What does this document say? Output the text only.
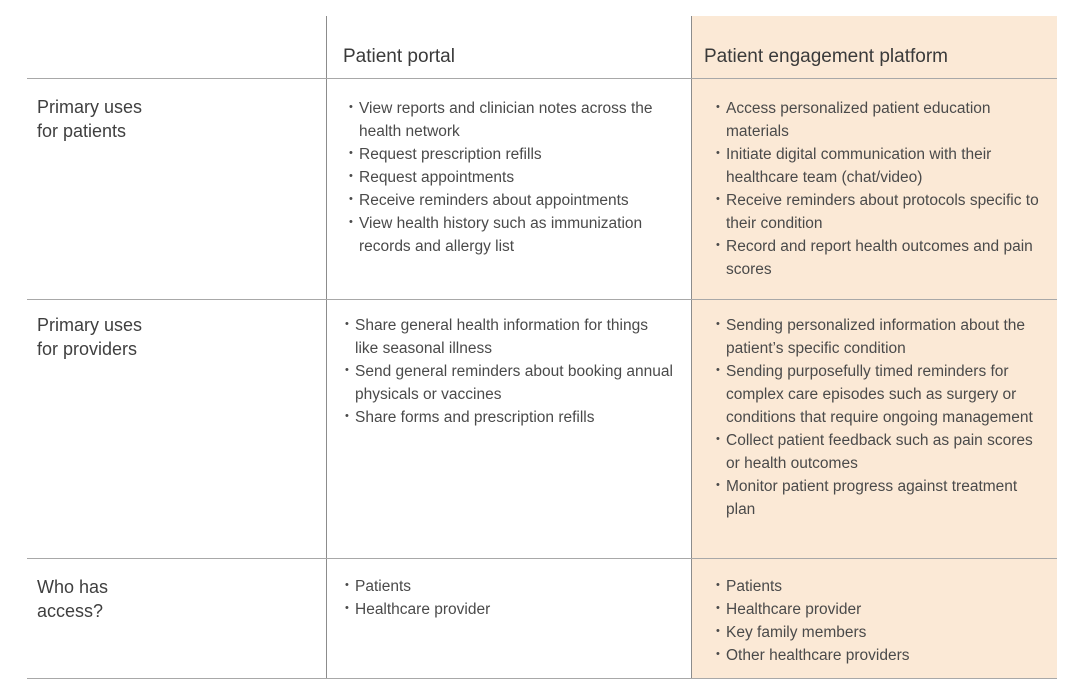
Patient portal	Patient engagement platform
Primary uses
for patients
• View reports and clinician notes across the health network
• Request prescription refills
• Request appointments
• Receive reminders about appointments
• View health history such as immunization records and allergy list
• Access personalized patient education materials
• Initiate digital communication with their healthcare team (chat/video)
• Receive reminders about protocols specific to their condition
• Record and report health outcomes and pain scores
Primary uses
for providers
• Share general health information for things like seasonal illness
• Send general reminders about booking annual physicals or vaccines
• Share forms and prescription refills
• Sending personalized information about the patient’s specific condition
• Sending purposefully timed reminders for complex care episodes such as surgery or conditions that require ongoing management
• Collect patient feedback such as pain scores or health outcomes
• Monitor patient progress against treatment plan
Who has
access?
• Patients
• Healthcare provider
• Patients
• Healthcare provider
• Key family members
• Other healthcare providers
